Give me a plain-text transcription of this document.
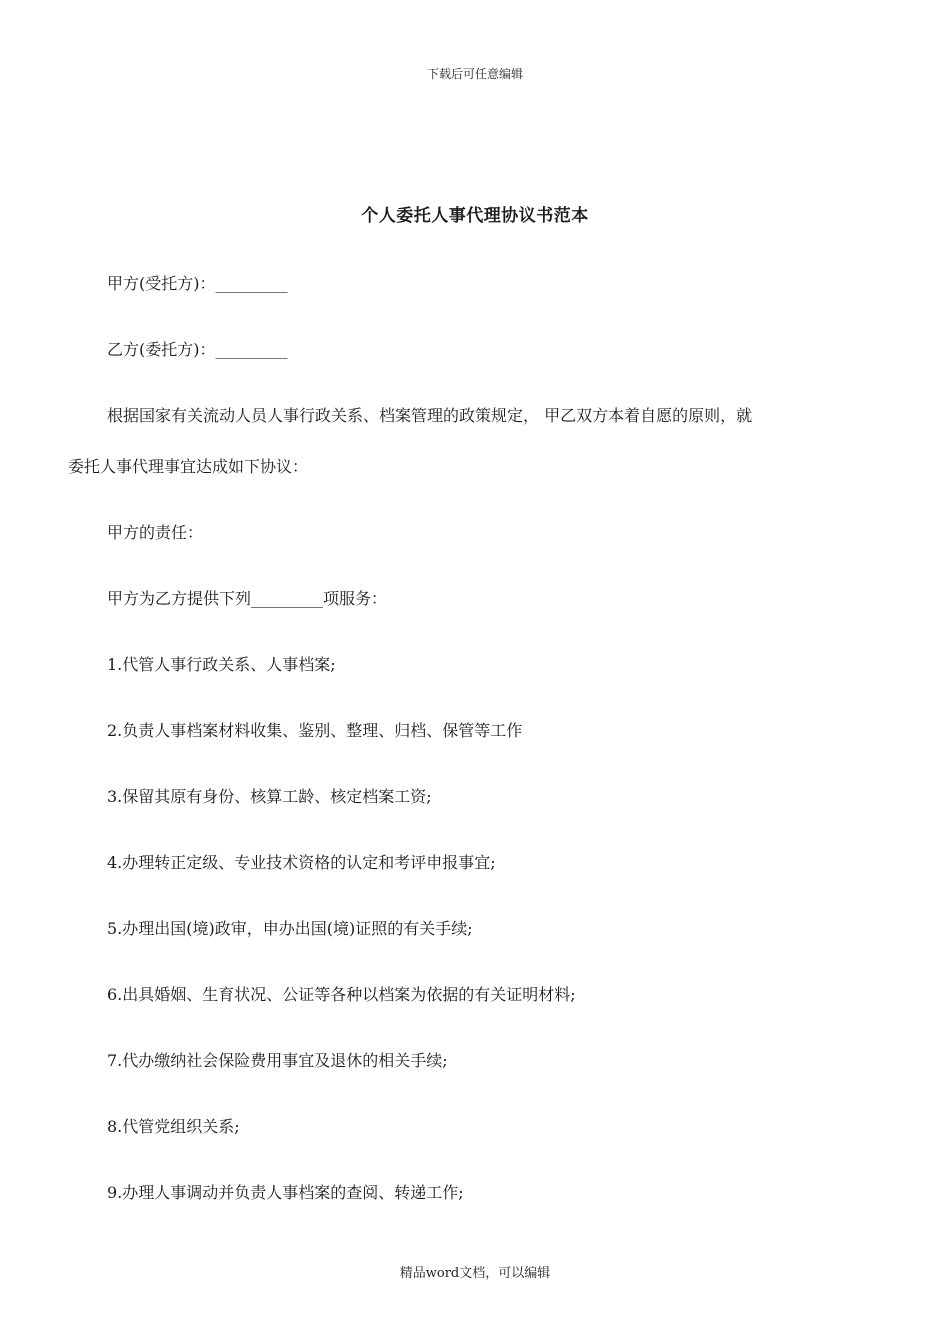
下载后可任意编辑
个人委托人事代理协议书范本
甲方(受托方)：_________
乙方(委托方)：_________
根据国家有关流动人员人事行政关系、档案管理的政策规定， 甲乙双方本着自愿的原则，就
委托人事代理事宜达成如下协议：
甲方的责任：
甲方为乙方提供下列_________项服务：
1.代管人事行政关系、人事档案;
2.负责人事档案材料收集、鉴别、整理、归档、保管等工作
3.保留其原有身份、核算工龄、核定档案工资;
4.办理转正定级、专业技术资格的认定和考评申报事宜;
5.办理出国(境)政审，申办出国(境)证照的有关手续;
6.出具婚姻、生育状况、公证等各种以档案为依据的有关证明材料;
7.代办缴纳社会保险费用事宜及退休的相关手续;
8.代管党组织关系;
9.办理人事调动并负责人事档案的查阅、转递工作;
精品word文档，可以编辑
